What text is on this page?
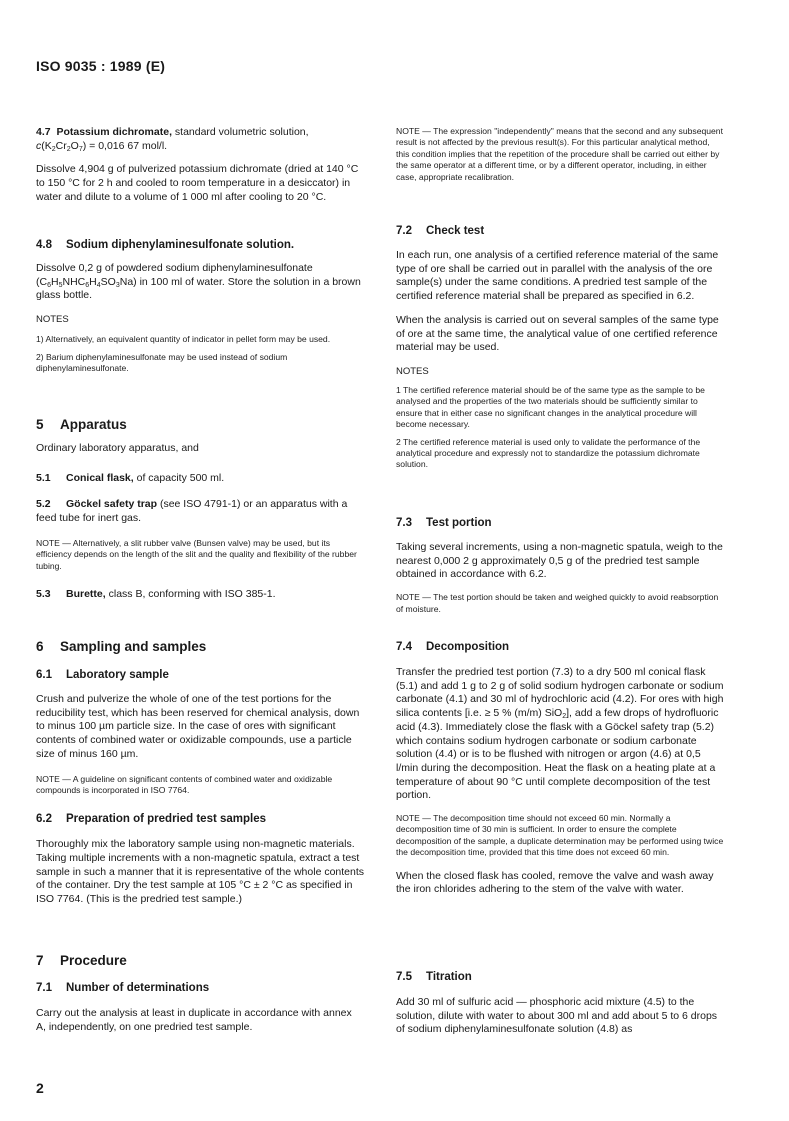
ISO 9035 : 1989 (E)

4.7 Potassium dichromate, standard volumetric solution,
$c(K_2Cr_2O_7) = 0,016$ 67 mol/l.

Dissolve 4,904 g of pulverized potassium dichromate (dried at 140 °C to 150 °C for 2 h and cooled to room temperature in a desiccator) in water and dilute to a volume of 1 000 ml after cooling to 20 °C.

4.8 Sodium diphenylaminesulfonate solution.

Dissolve 0,2 g of powdered sodium diphenylaminesulfonate
$(C_6H_5NHC_6H_4SO_3Na)$ in 100 ml of water. Store the solution in a brown glass bottle.

NOTES

1) Alternatively, an equivalent quantity of indicator in pellet form may be used.

2) Barium diphenylaminesulfonate may be used instead of sodium diphenylaminesulfonate.

5 Apparatus

Ordinary laboratory apparatus, and

5.1 Conical flask, of capacity 500 ml.

5.2 Göckel safety trap (see ISO 4791-1) or an apparatus with a feed tube for inert gas.

NOTE — Alternatively, a slit rubber valve (Bunsen valve) may be used, but its efficiency depends on the length of the slit and the quality and flexibility of the rubber tubing.

5.3 Burette, class B, conforming with ISO 385-1.

6 Sampling and samples

6.1 Laboratory sample

Crush and pulverize the whole of one of the test portions for the reducibility test, which has been reserved for chemical analysis, down to minus 100 µm particle size. In the case of ores with significant contents of combined water or oxidizable compounds, use a particle size of minus 160 µm.

NOTE — A guideline on significant contents of combined water and oxidizable compounds is incorporated in ISO 7764.

6.2 Preparation of predried test samples

Thoroughly mix the laboratory sample using non-magnetic materials. Taking multiple increments with a non-magnetic spatula, extract a test sample in such a manner that it is representative of the whole contents of the container. Dry the test sample at 105 °C ± 2 °C as specified in ISO 7764. (This is the predried test sample.)

7 Procedure

7.1 Number of determinations

Carry out the analysis at least in duplicate in accordance with annex A, independently, on one predried test sample.

NOTE — The expression "independently" means that the second and any subsequent result is not affected by the previous result(s). For this particular analytical method, this condition implies that the repetition of the procedure shall be carried out either by the same operator at a different time, or by a different operator, including, in either case, appropriate recalibration.

7.2 Check test

In each run, one analysis of a certified reference material of the same type of ore shall be carried out in parallel with the analysis of the ore sample(s) under the same conditions. A predried test sample of the certified reference material shall be prepared as specified in 6.2.

When the analysis is carried out on several samples of the same type of ore at the same time, the analytical value of one certified reference material may be used.

NOTES

1 The certified reference material should be of the same type as the sample to be analysed and the properties of the two materials should be sufficiently similar to ensure that in either case no significant changes in the analytical procedure will become necessary.

2 The certified reference material is used only to validate the performance of the analytical procedure and expressly not to standardize the potassium dichromate solution.

7.3 Test portion

Taking several increments, using a non-magnetic spatula, weigh to the nearest 0,000 2 g approximately 0,5 g of the predried test sample obtained in accordance with 6.2.

NOTE — The test portion should be taken and weighed quickly to avoid reabsorption of moisture.

7.4 Decomposition

Transfer the predried test portion (7.3) to a dry 500 ml conical flask (5.1) and add 1 g to 2 g of solid sodium hydrogen carbonate or sodium carbonate (4.1) and 30 ml of hydrochloric acid (4.2). For ores with high silica contents [i.e. ≥ 5 % (m/m) SiO$_2$], add a few drops of hydrofluoric acid (4.3). Immediately close the flask with a Göckel safety trap (5.2) which contains sodium hydrogen carbonate or sodium carbonate solution (4.4) or is to be flushed with nitrogen or argon (4.6) at 0,5 l/min during the decomposition. Heat the flask on a heating plate at a temperature of about 90 °C until complete decomposition of the test portion.

NOTE — The decomposition time should not exceed 60 min. Normally a decomposition time of 30 min is sufficient. In order to ensure the complete decomposition of the sample, a duplicate determination may be performed using twice the decomposition time, provided that this time does not exceed 60 min.

When the closed flask has cooled, remove the valve and wash away the iron chlorides adhering to the stem of the valve with water.

7.5 Titration

Add 30 ml of sulfuric acid — phosphoric acid mixture (4.5) to the solution, dilute with water to about 300 ml and add about 5 to 6 drops of sodium diphenylaminesulfonate solution (4.8) as

2
